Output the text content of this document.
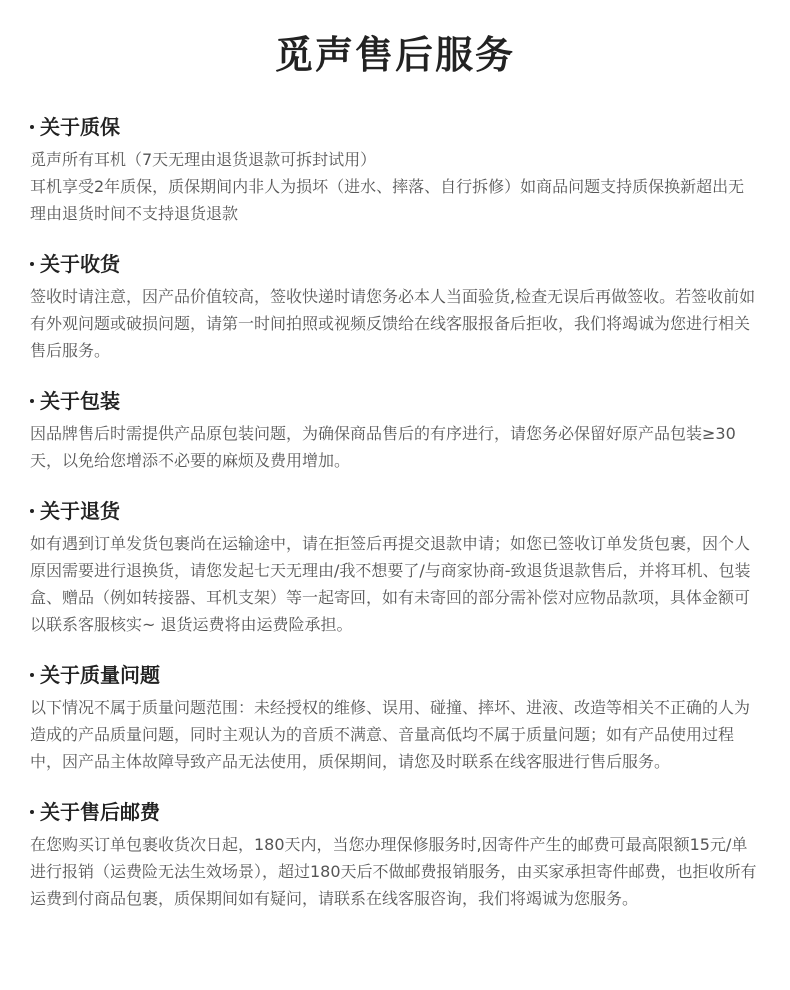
觅声售后服务
关于质保

觅声所有耳机（7天无理由退货退款可拆封试用）

耳机享受2年质保，质保期间内非人为损坏（进水、摔落、自行拆修）如商品问题支持质保换新超出无理由退货时间不支持退货退款

关于收货

签收时请注意，因产品价值较高，签收快递时请您务必本人当面验货,检查无误后再做签收。若签收前如有外观问题或破损问题，请第一时间拍照或视频反馈给在线客服报备后拒收，我们将竭诚为您进行相关售后服务。

关于包装

因品牌售后时需提供产品原包装问题，为确保商品售后的有序进行，请您务必保留好原产品包装≥30天，以免给您增添不必要的麻烦及费用增加。

关于退货

如有遇到订单发货包裹尚在运输途中，请在拒签后再提交退款申请；如您已签收订单发货包裹，因个人原因需要进行退换货，请您发起七天无理由/我不想要了/与商家协商-致退货退款售后，并将耳机、包装盒、赠品（例如转接器、耳机支架）等一起寄回，如有未寄回的部分需补偿对应物品款项，具体金额可以联系客服核实~ 退货运费将由运费险承担。

关于质量问题

以下情况不属于质量问题范围：未经授权的维修、误用、碰撞、摔坏、进液、改造等相关不正确的人为造成的产品质量问题，同时主观认为的音质不满意、音量高低均不属于质量问题；如有产品使用过程中，因产品主体故障导致产品无法使用，质保期间，请您及时联系在线客服进行售后服务。

关于售后邮费

在您购买订单包裹收货次日起，180天内，当您办理保修服务时,因寄件产生的邮费可最高限额15元/单进行报销（运费险无法生效场景），超过180天后不做邮费报销服务，由买家承担寄件邮费，也拒收所有运费到付商品包裹，质保期间如有疑问，请联系在线客服咨询，我们将竭诚为您服务。
